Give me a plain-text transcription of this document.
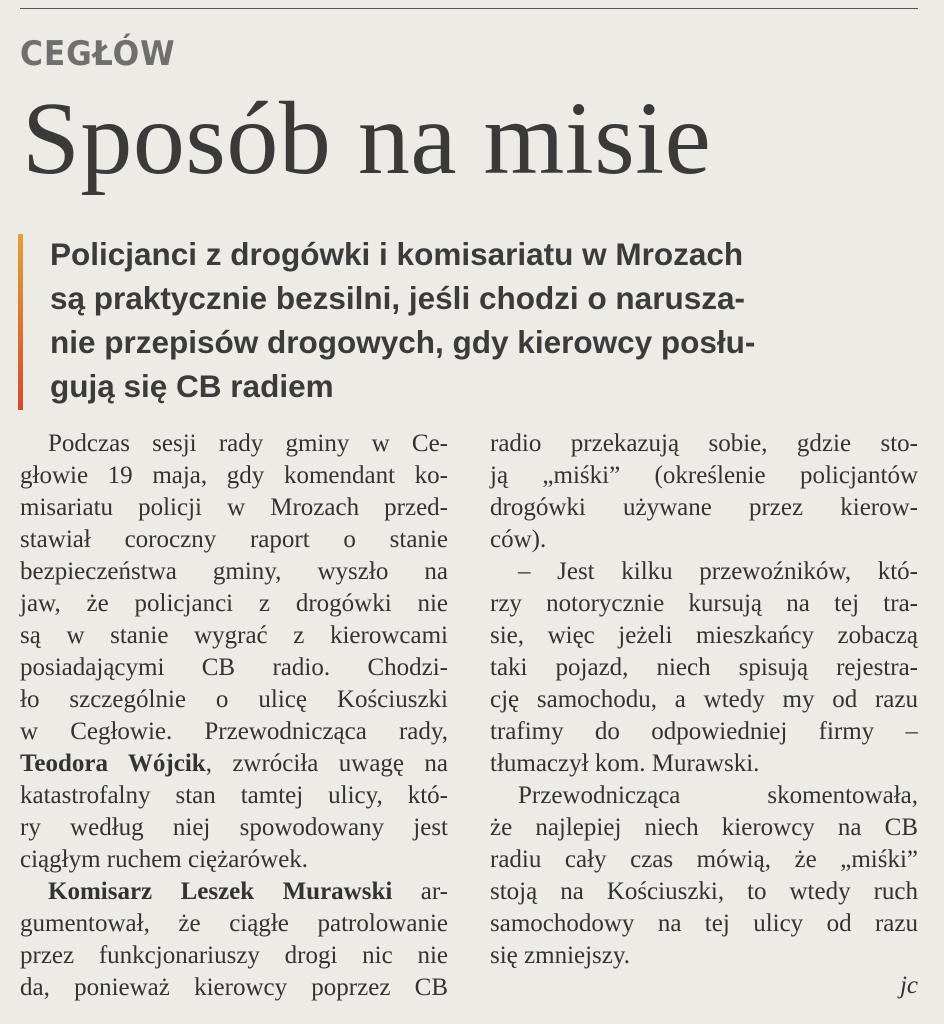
CEGŁÓW
Sposób na misie
Policjanci z drogówki i komisariatu w Mrozach
są praktycznie bezsilni, jeśli chodzi o narusza-
nie przepisów drogowych, gdy kierowcy posłu-
gują się CB radiem

Podczas sesji rady gminy w Ce-
głowie 19 maja, gdy komendant ko-
misariatu policji w Mrozach przed-
stawiał coroczny raport o stanie
bezpieczeństwa gminy, wyszło na
jaw, że policjanci z drogówki nie
są w stanie wygrać z kierowcami
posiadającymi CB radio. Chodzi-
ło szczególnie o ulicę Kościuszki
w Cegłowie. Przewodnicząca rady,
Teodora Wójcik, zwróciła uwagę na
katastrofalny stan tamtej ulicy, któ-
ry według niej spowodowany jest
ciągłym ruchem ciężarówek.

Komisarz Leszek Murawski ar-
gumentował, że ciągłe patrolowanie
przez funkcjonariuszy drogi nic nie
da, ponieważ kierowcy poprzez CB

radio przekazują sobie, gdzie sto-
ją „miśki” (określenie policjantów
drogówki używane przez kierow-
ców).

– Jest kilku przewoźników, któ-
rzy notorycznie kursują na tej tra-
sie, więc jeżeli mieszkańcy zobaczą
taki pojazd, niech spisują rejestra-
cję samochodu, a wtedy my od razu
trafimy do odpowiedniej firmy –
tłumaczył kom. Murawski.

Przewodnicząca skomentowała,
że najlepiej niech kierowcy na CB
radiu cały czas mówią, że „miśki”
stoją na Kościuszki, to wtedy ruch
samochodowy na tej ulicy od razu
się zmniejszy.

jc
